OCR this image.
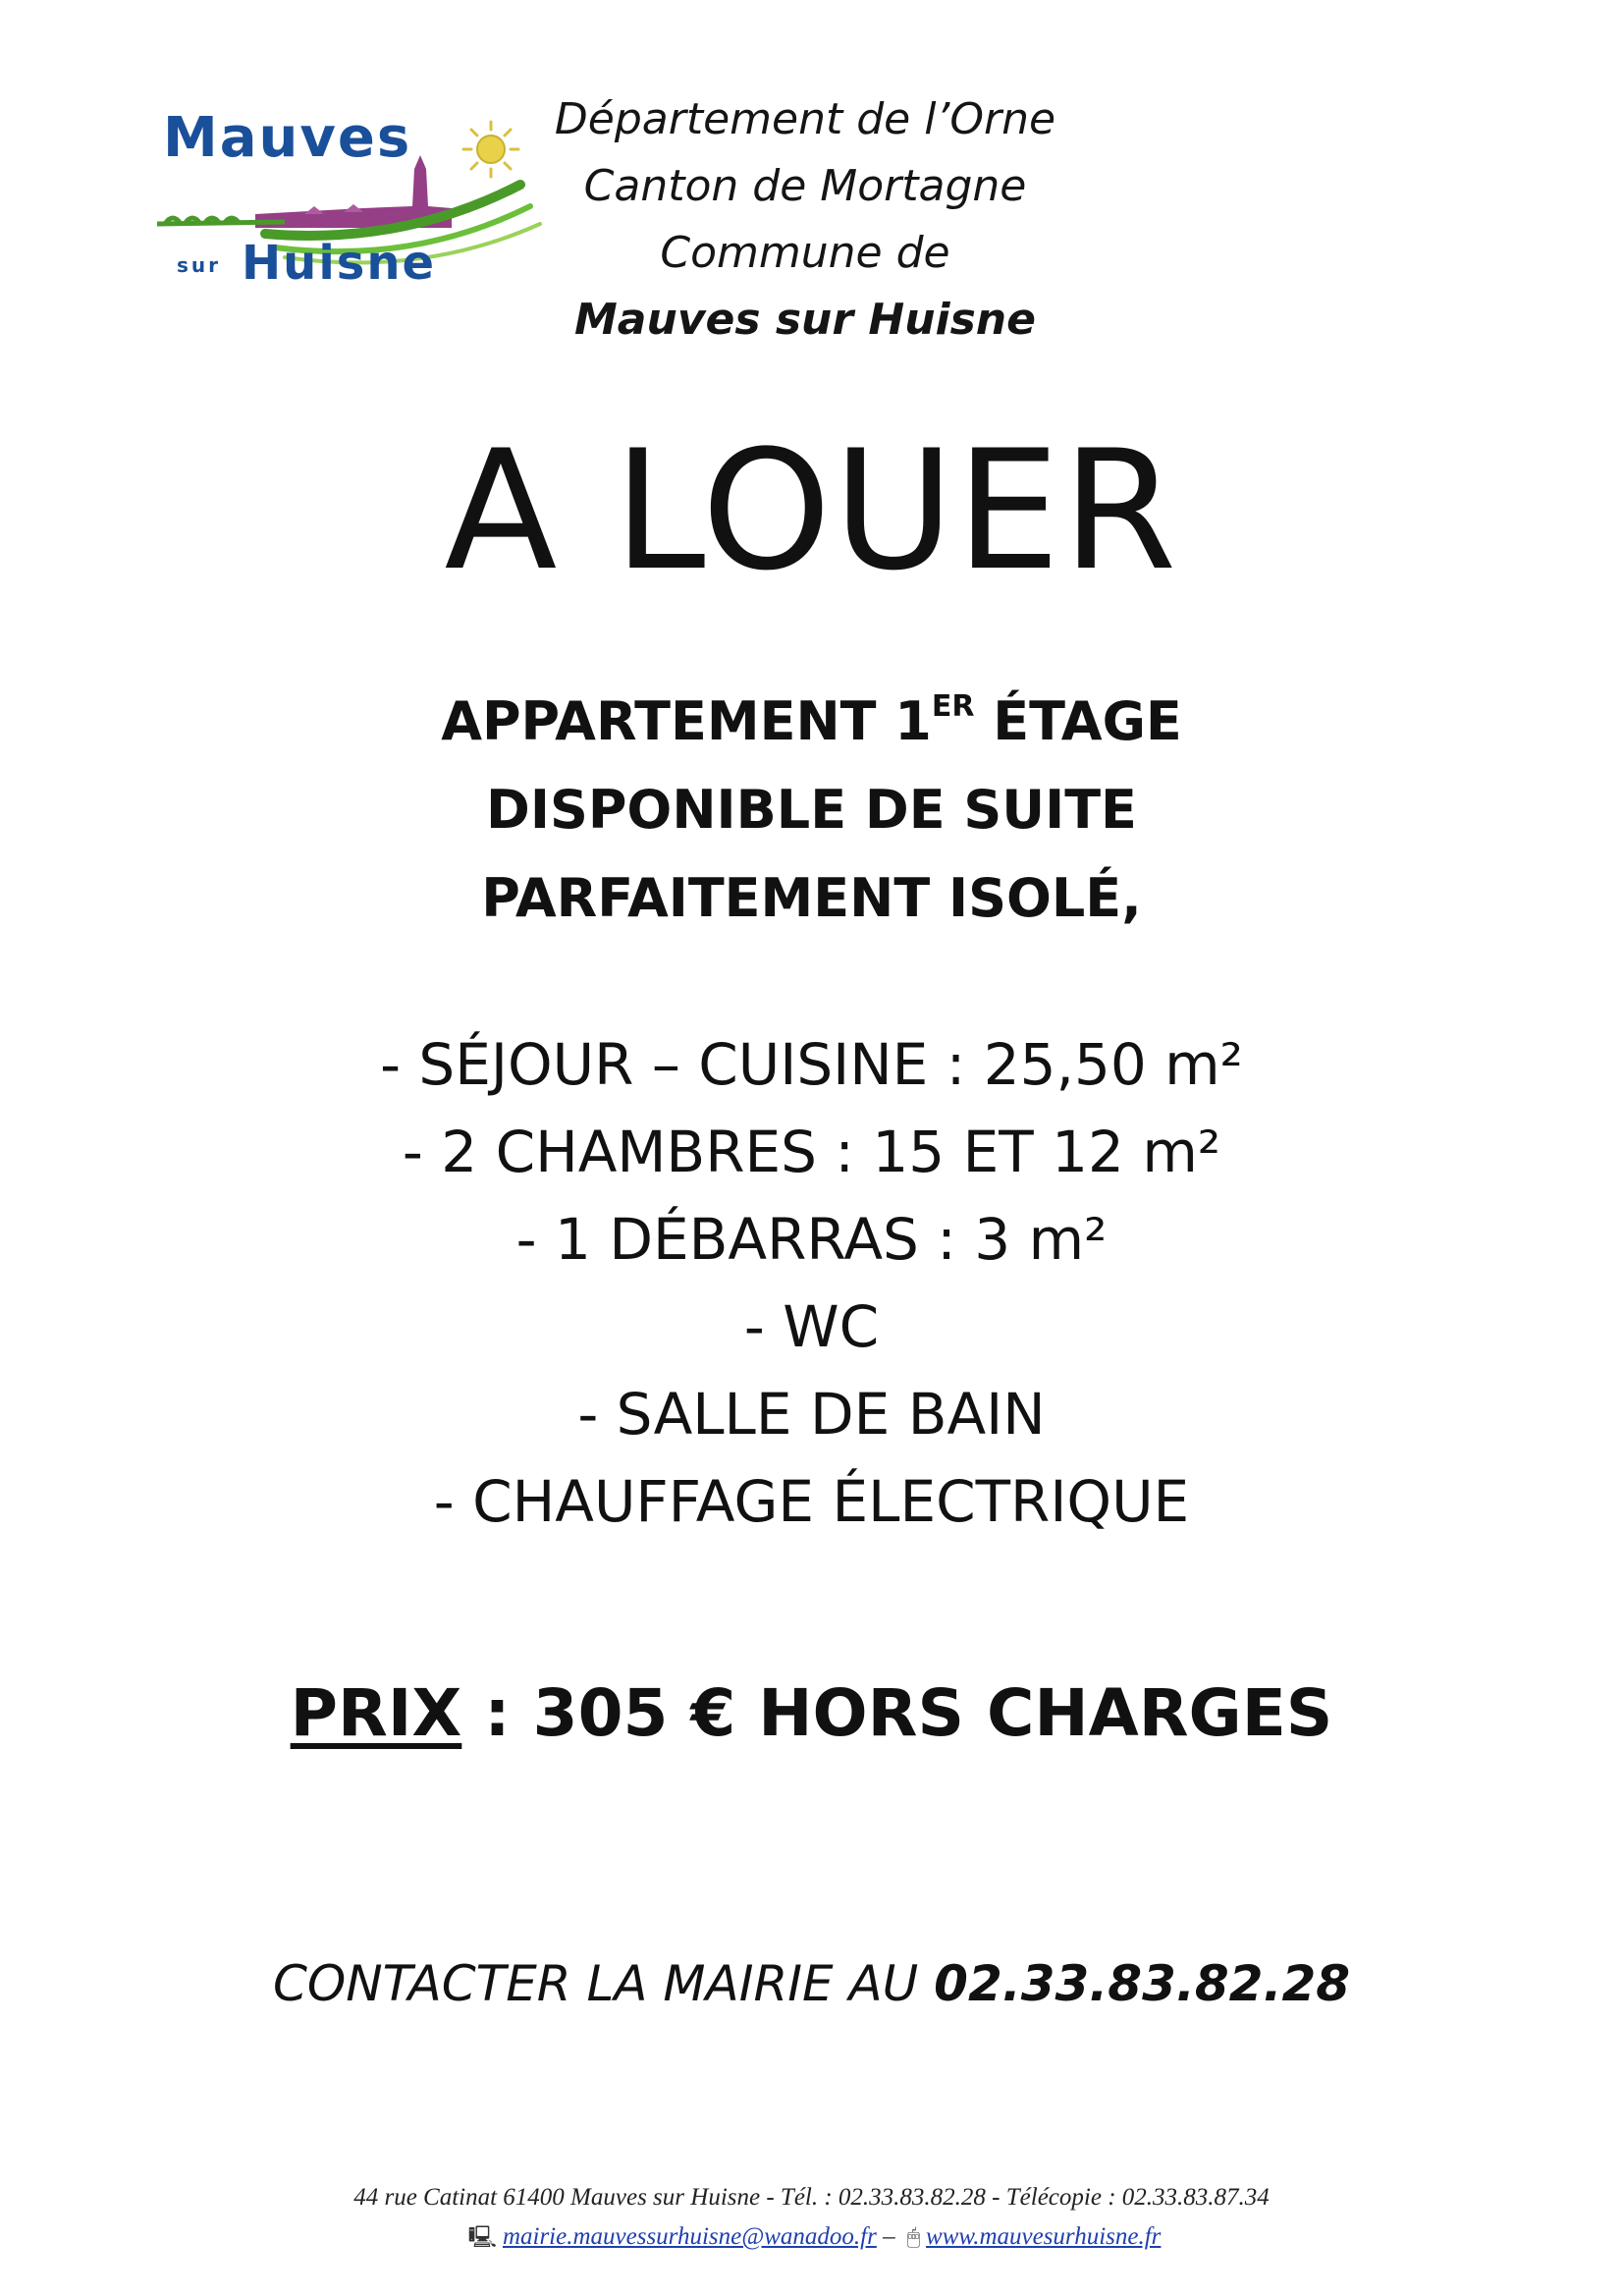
Mauves
sur Huisne
Département de l’Orne
Canton de Mortagne
Commune de
Mauves sur Huisne
A LOUER
APPARTEMENT 1ER ÉTAGE
DISPONIBLE DE SUITE
PARFAITEMENT ISOLÉ,
- SÉJOUR – CUISINE : 25,50 m²
- 2 CHAMBRES : 15 ET 12 m²
- 1 DÉBARRAS : 3 m²
- WC
- SALLE DE BAIN
- CHAUFFAGE ÉLECTRIQUE
PRIX : 305 € HORS CHARGES
CONTACTER LA MAIRIE AU 02.33.83.82.28
44 rue Catinat 61400 Mauves sur Huisne - Tél. : 02.33.83.82.28 - Télécopie : 02.33.83.87.34
🖳 mairie.mauvessurhuisne@wanadoo.fr – 🖱 www.mauvesurhuisne.fr
